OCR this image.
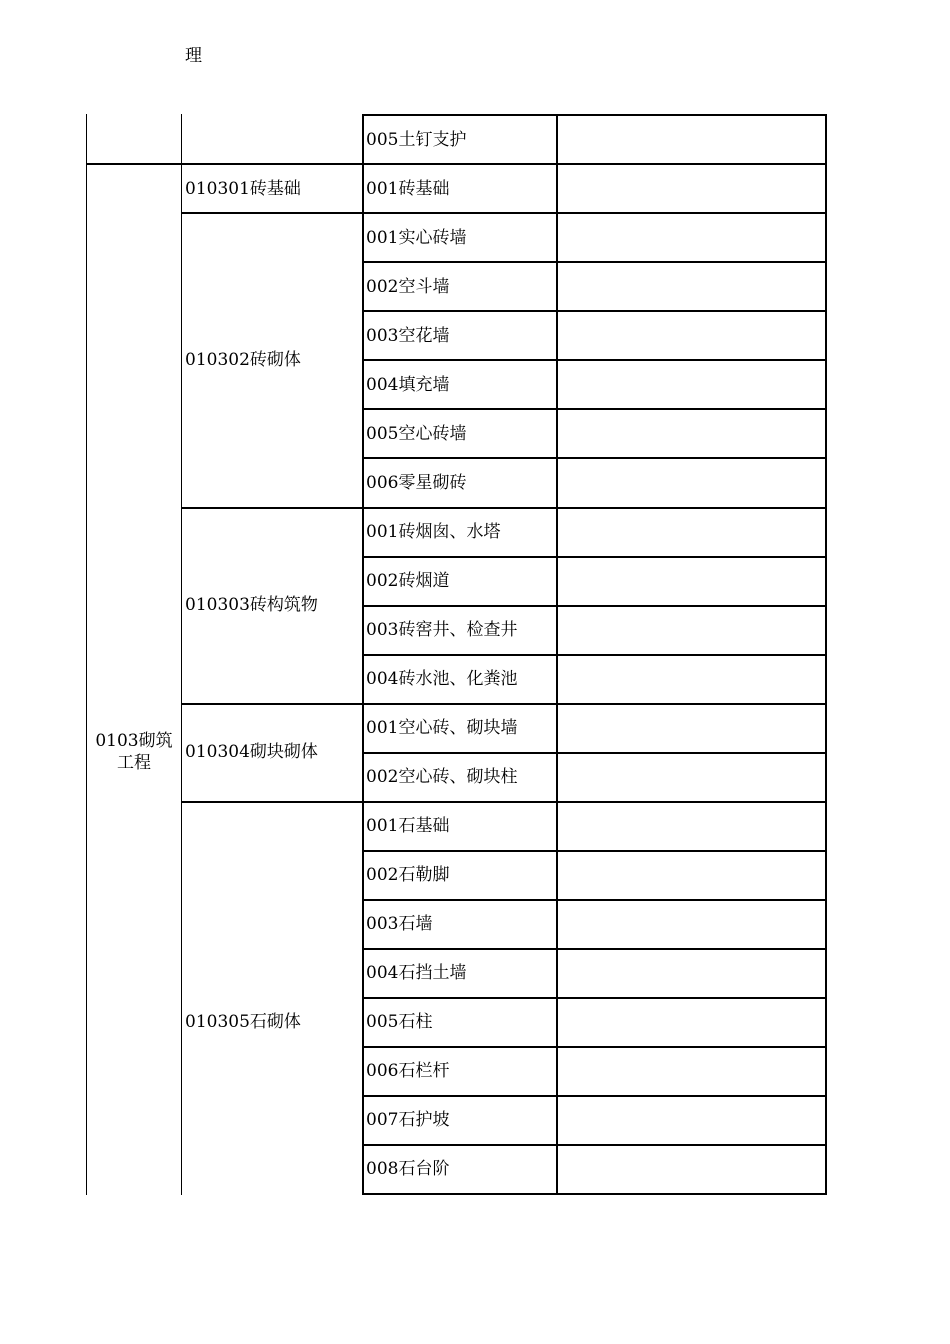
理
0103砌筑
工程
010301砖基础
010302砖砌体
010303砖构筑物
010304砌块砌体
010305石砌体
005土钉支护
001砖基础
001实心砖墙
002空斗墙
003空花墙
004填充墙
005空心砖墙
006零星砌砖
001砖烟囱、水塔
002砖烟道
003砖窖井、检查井
004砖水池、化粪池
001空心砖、砌块墙
002空心砖、砌块柱
001石基础
002石勒脚
003石墙
004石挡土墙
005石柱
006石栏杆
007石护坡
008石台阶
